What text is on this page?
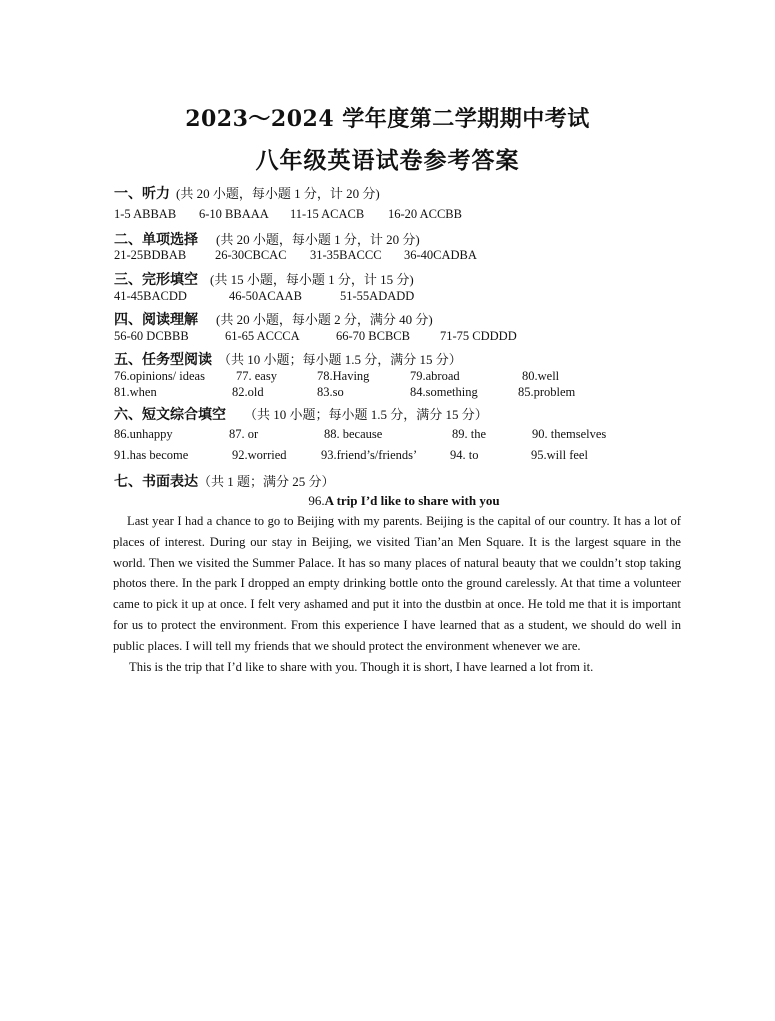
2023～2024 学年度第二学期期中考试
八年级英语试卷参考答案
一、听力 (共 20 小题，每小题 1 分，计 20 分)
1-5 ABBAB 6-10 BBAAA 11-15 ACACB 16-20 ACCBB
二、单项选择 (共 20 小题，每小题 1 分，计 20 分)
21-25BDBAB 26-30CBCAC 31-35BACCC 36-40CADBA
三、完形填空 (共 15 小题，每小题 1 分，计 15 分)
41-45BACDD	46-50ACAAB	51-55ADADD
四、阅读理解 (共 20 小题，每小题 2 分，满分 40 分)
56-60 DCBBB	61-65 ACCCA	66-70 BCBCB 71-75 CDDDD
五、任务型阅读 （共 10 小题；每小题 1.5 分，满分 15 分）
76.opinions/ ideas 77. easy	78.Having	79.abroad	80.well
81.when	82.old	83.so	84.something	85.problem
六、短文综合填空 （共 10 小题；每小题 1.5 分，满分 15 分）
86.unhappy	87. or	88. because	89. the	90. themselves
91.has become	92.worried	93.friend’s/friends’	94. to	95.will feel
七、书面表达（共 1 题；满分 25 分）
96.A trip I’d like to share with you

Last year I had a chance to go to Beijing with my parents. Beijing is the capital of our country. It has a lot of places of interest. During our stay in Beijing, we visited Tian’an Men Square. It is the largest square in the world. Then we visited the Summer Palace. It has so many places of natural beauty that we couldn’t stop taking photos there. In the park I dropped an empty drinking bottle onto the ground carelessly. At that time a volunteer came to pick it up at once. I felt very ashamed and put it into the dustbin at once. He told me that it is important for us to protect the environment. From this experience I have learned that as a student, we should do well in public places. I will tell my friends that we should protect the environment whenever we are.

This is the trip that I’d like to share with you. Though it is short, I have learned a lot from it.
